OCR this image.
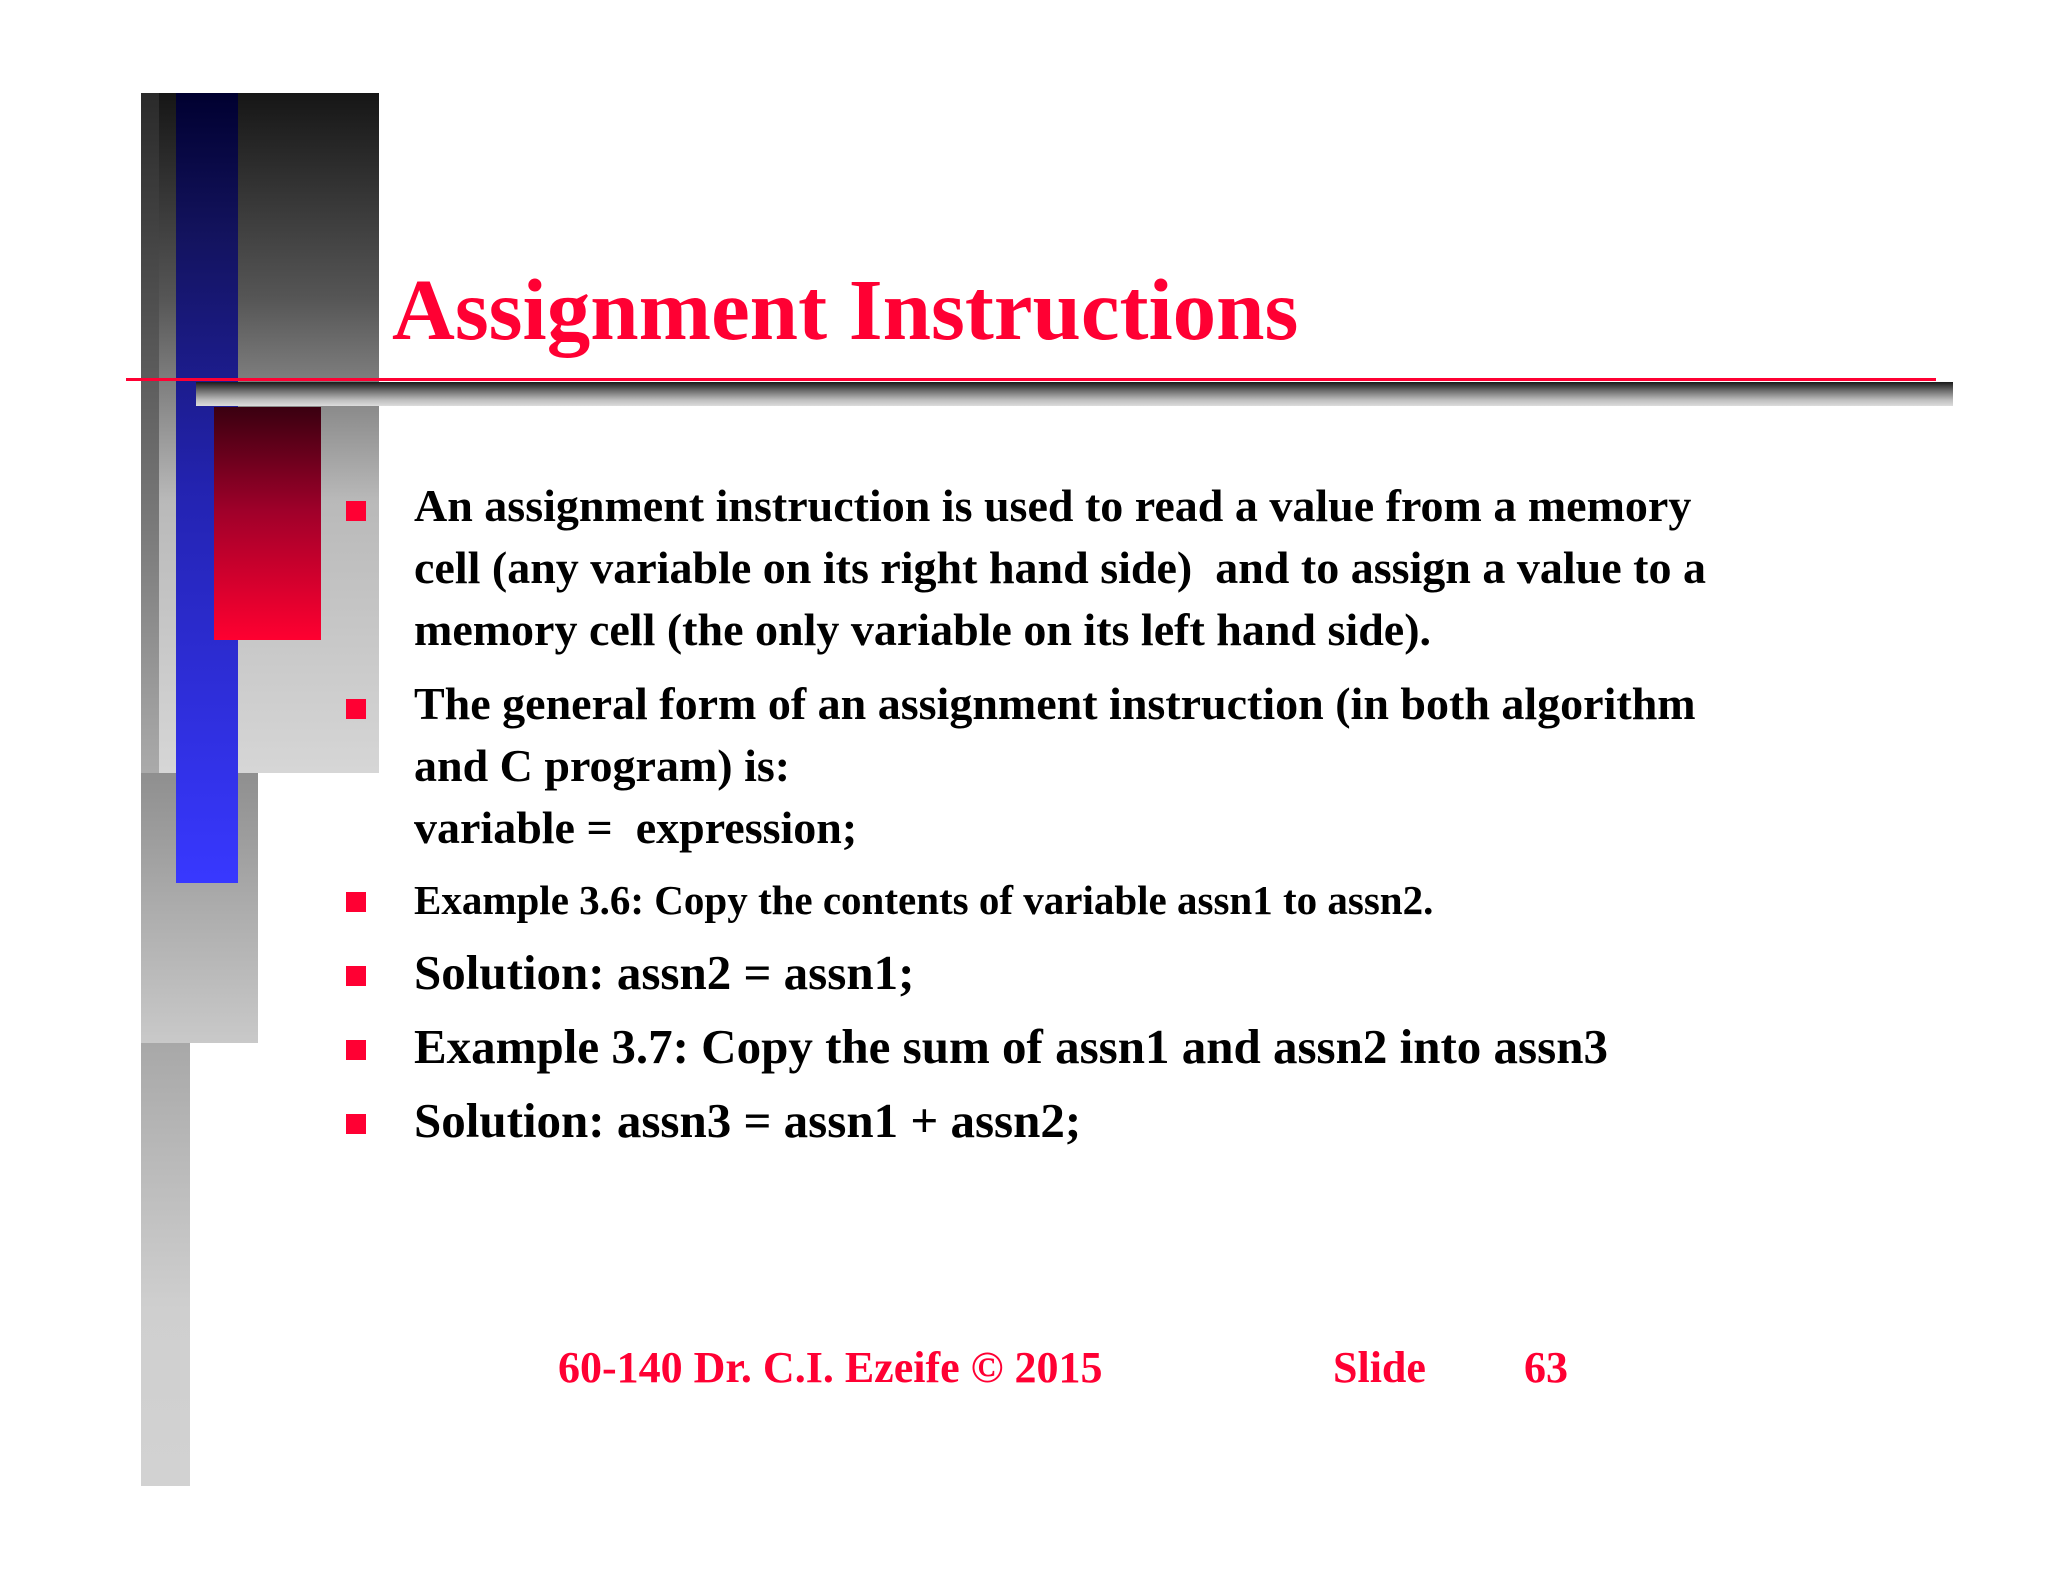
Assignment Instructions
An assignment instruction is used to read a value from a memory
cell (any variable on its right hand side)  and to assign a value to a
memory cell (the only variable on its left hand side).
The general form of an assignment instruction (in both algorithm
and C program) is:
variable =  expression;
Example 3.6: Copy the contents of variable assn1 to assn2.
Solution: assn2 = assn1;
Example 3.7: Copy the sum of assn1 and assn2 into assn3
Solution: assn3 = assn1 + assn2;
60-140 Dr. C.I. Ezeife © 2015	Slide 63
